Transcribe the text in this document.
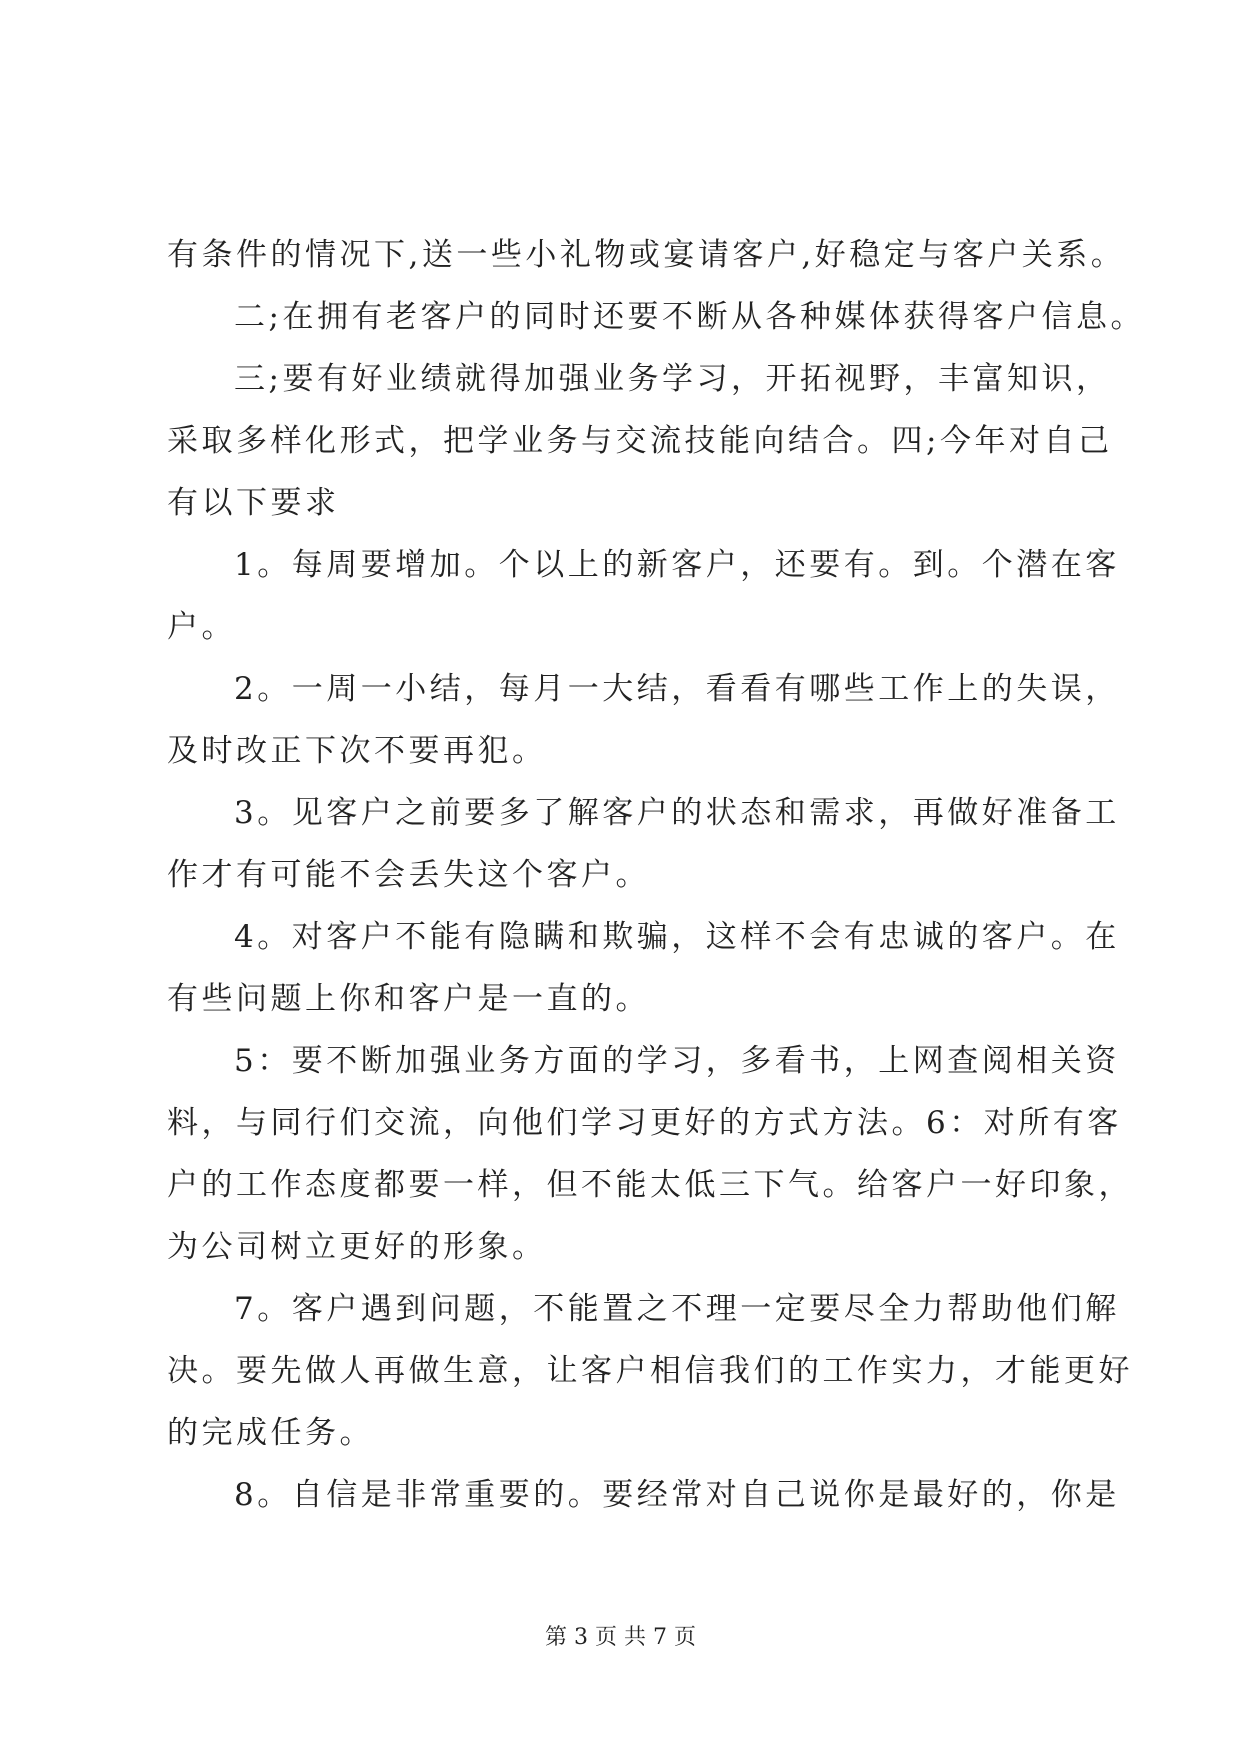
有条件的情况下,送一些小礼物或宴请客户,好稳定与客户关系。
二;在拥有老客户的同时还要不断从各种媒体获得客户信息。
三;要有好业绩就得加强业务学习，开拓视野，丰富知识，
采取多样化形式，把学业务与交流技能向结合。四;今年对自己
有以下要求
1。每周要增加。个以上的新客户，还要有。到。个潜在客
户。
2。一周一小结，每月一大结，看看有哪些工作上的失误，
及时改正下次不要再犯。
3。见客户之前要多了解客户的状态和需求，再做好准备工
作才有可能不会丢失这个客户。
4。对客户不能有隐瞒和欺骗，这样不会有忠诚的客户。在
有些问题上你和客户是一直的。
5：要不断加强业务方面的学习，多看书，上网查阅相关资
料，与同行们交流，向他们学习更好的方式方法。6：对所有客
户的工作态度都要一样，但不能太低三下气。给客户一好印象，
为公司树立更好的形象。
7。客户遇到问题，不能置之不理一定要尽全力帮助他们解
决。要先做人再做生意，让客户相信我们的工作实力，才能更好
的完成任务。
8。自信是非常重要的。要经常对自己说你是最好的，你是
第 3 页 共 7 页
